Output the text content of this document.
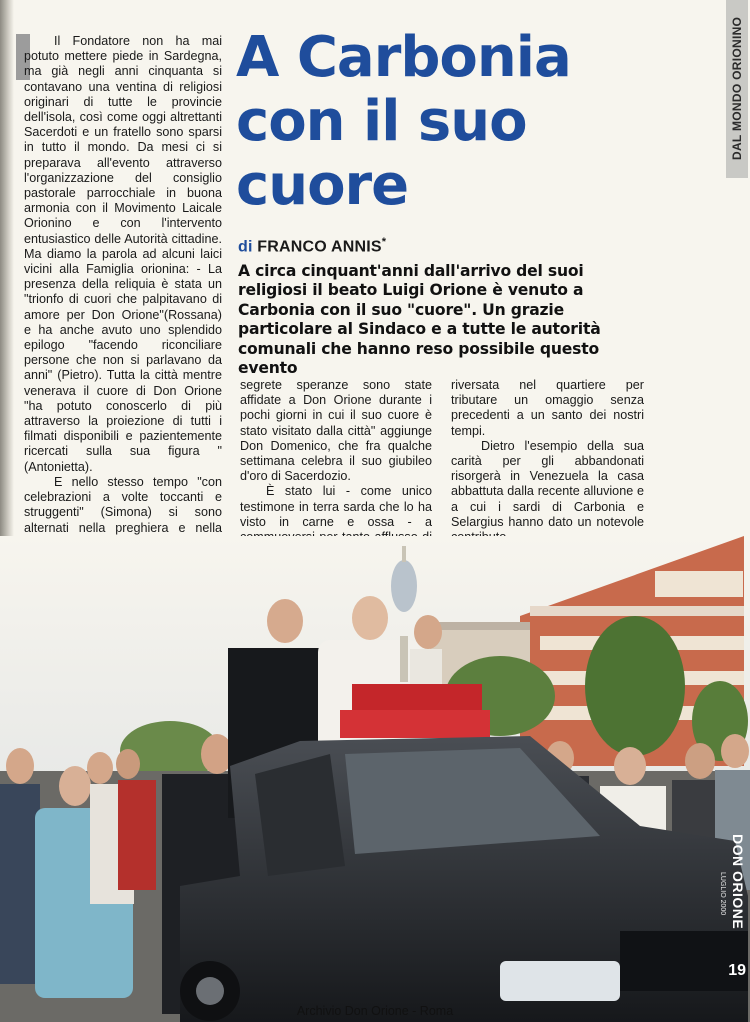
Il Fondatore non ha mai potuto mettere piede in Sardegna, ma già negli anni cinquanta si contavano una ventina di religiosi originari di tutte le provincie dell'isola, così come oggi altrettanti Sacerdoti e un fratello sono sparsi in tutto il mondo. Da mesi ci si preparava all'evento attraverso l'organizzazione del consiglio pastorale parrocchiale in buona armonia con il Movimento Laicale Orionino e con l'intervento entusiastico delle Autorità cittadine. Ma diamo la parola ad alcuni laici vicini alla Famiglia orionina: - La presenza della reliquia è stata un "trionfo di cuori che palpitavano di amore per Don Orione"(Rossana) e ha anche avuto uno splendido epilogo "facendo riconciliare persone che non si parlavano da anni" (Pietro). Tutta la città mentre venerava il cuore di Don Orione "ha potuto conoscerlo di più attraverso la proiezione di tutti i filmati disponibili e pazientemente ricercati sulla sua figura " (Antonietta).

E nello stesso tempo "con celebrazioni a volte toccanti e struggenti" (Simona) si sono alternati nella preghiera e nella

A Carbonia
con il suo
cuore
di FRANCO ANNIS*

A circa cinquant'anni dall'arrivo del suoi religiosi il beato Luigi Orione è venuto a Carbonia con il suo "cuore". Un grazie particolare al Sindaco e a tutte le autorità comunali che hanno reso possibile questo evento

segrete speranze sono state affidate a Don Orione durante i pochi giorni in cui il suo cuore è stato visitato dalla città" aggiunge Don Domenico, che fra qualche settimana celebra il suo giubileo d'oro di Sacerdozio.

È stato lui - come unico testimone in terra sarda che lo ha visto in carne e ossa - a

riversata nel quartiere per tributare un omaggio senza precedenti a un santo dei nostri tempi.

Dietro l'esempio della sua carità per gli abbandonati risorgerà in Venezuela la casa abbattuta dalla recente alluvione e a cui i sardi di Carbonia e Selargius hanno dato un notevole

DAL MONDO ORIONINO
DON ORIONE
LUGLIO 2000
19
Archivio Don Orione - Roma
